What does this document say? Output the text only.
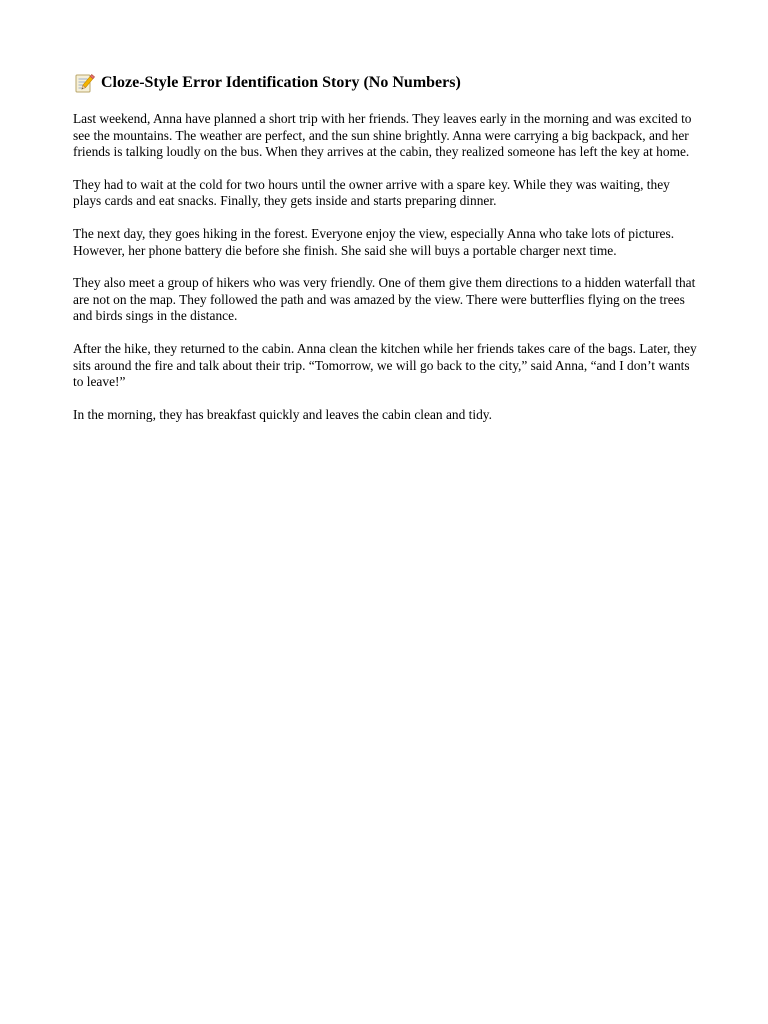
Cloze-Style Error Identification Story (No Numbers)

Last weekend, Anna have planned a short trip with her friends. They leaves early in the morning and was excited to see the mountains. The weather are perfect, and the sun shine brightly. Anna were carrying a big backpack, and her friends is talking loudly on the bus. When they arrives at the cabin, they realized someone has left the key at home.

They had to wait at the cold for two hours until the owner arrive with a spare key. While they was waiting, they plays cards and eat snacks. Finally, they gets inside and starts preparing dinner.

The next day, they goes hiking in the forest. Everyone enjoy the view, especially Anna who take lots of pictures. However, her phone battery die before she finish. She said she will buys a portable charger next time.

They also meet a group of hikers who was very friendly. One of them give them directions to a hidden waterfall that are not on the map. They followed the path and was amazed by the view. There were butterflies flying on the trees and birds sings in the distance.

After the hike, they returned to the cabin. Anna clean the kitchen while her friends takes care of the bags. Later, they sits around the fire and talk about their trip. “Tomorrow, we will go back to the city,” said Anna, “and I don’t wants to leave!”

In the morning, they has breakfast quickly and leaves the cabin clean and tidy.
